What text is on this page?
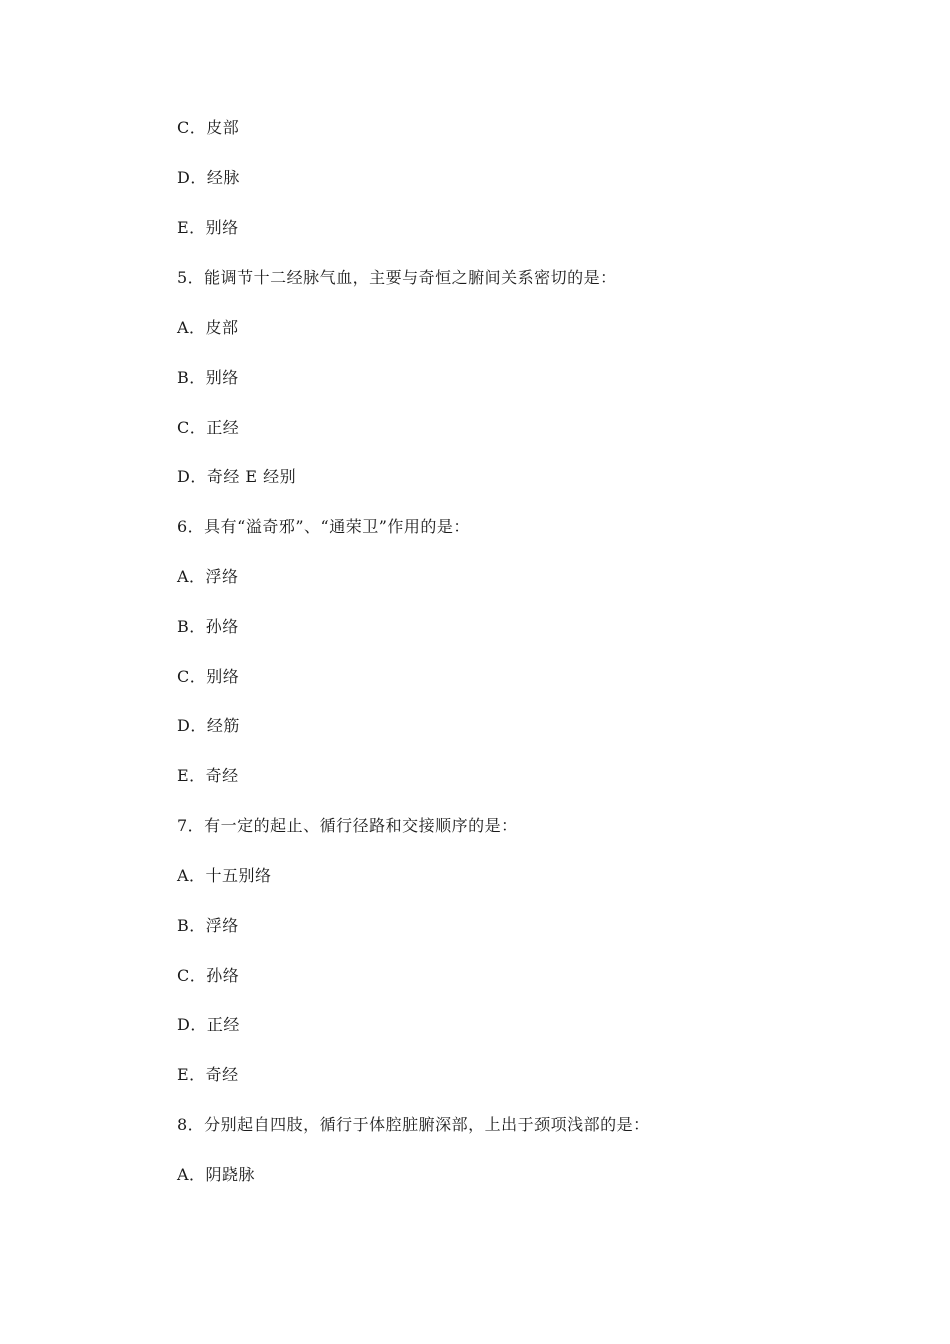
C．皮部
D．经脉
E．别络
5．能调节十二经脉气血，主要与奇恒之腑间关系密切的是：
A．皮部
B．别络
C．正经
D．奇经 E 经别
6．具有“溢奇邪”、“通荣卫”作用的是：
A．浮络
B．孙络
C．别络
D．经筋
E．奇经
7．有一定的起止、循行径路和交接顺序的是：
A．十五别络
B．浮络
C．孙络
D．正经
E．奇经
8．分别起自四肢，循行于体腔脏腑深部，上出于颈项浅部的是：
A．阴跷脉
